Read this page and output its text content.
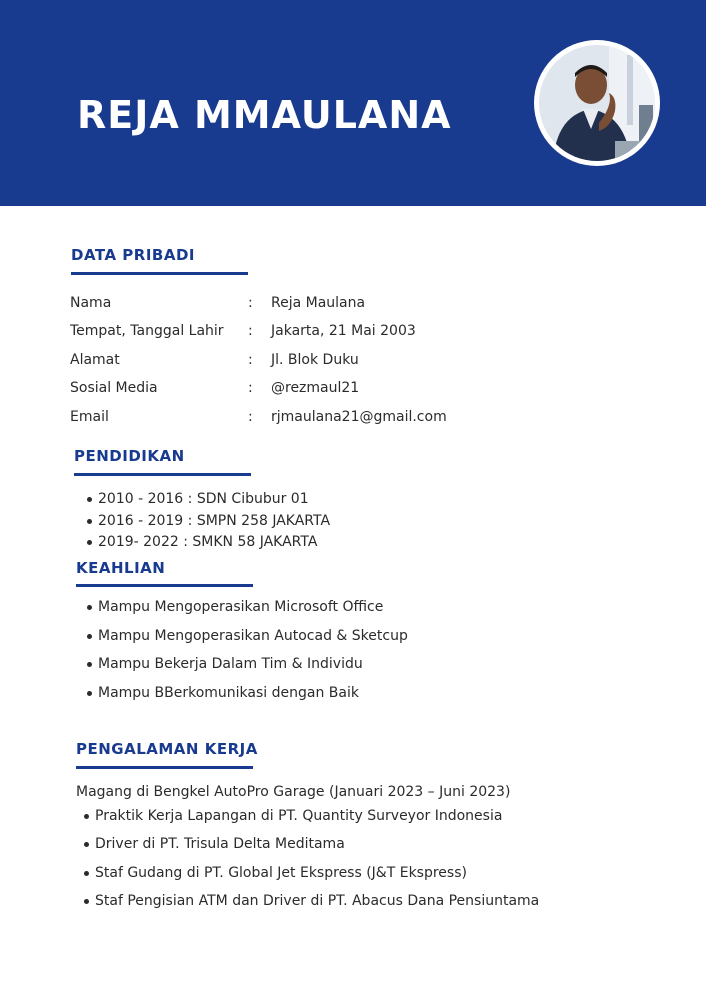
REJA MMAULANA
DATA PRIBADI
Nama	: Reja Maulana
Tempat, Tanggal Lahir : Jakarta, 21 Mai 2003
Alamat	: Jl. Blok Duku
Sosial Media	: @rezmaul21
Email	: rjmaulana21@gmail.com
PENDIDIKAN
2010 - 2016 : SDN Cibubur 01
2016 - 2019 : SMPN 258 JAKARTA
2019- 2022 : SMKN 58 JAKARTA
KEAHLIAN
Mampu Mengoperasikan Microsoft Office
Mampu Mengoperasikan Autocad & Sketcup
Mampu Bekerja Dalam Tim & Individu
Mampu BBerkomunikasi dengan Baik
PENGALAMAN KERJA
Magang di Bengkel AutoPro Garage (Januari 2023 – Juni 2023)
Praktik Kerja Lapangan di PT. Quantity Surveyor Indonesia
Driver di PT. Trisula Delta Meditama
Staf Gudang di PT. Global Jet Ekspress (J&T Ekspress)
Staf Pengisian ATM dan Driver di PT. Abacus Dana Pensiuntama
